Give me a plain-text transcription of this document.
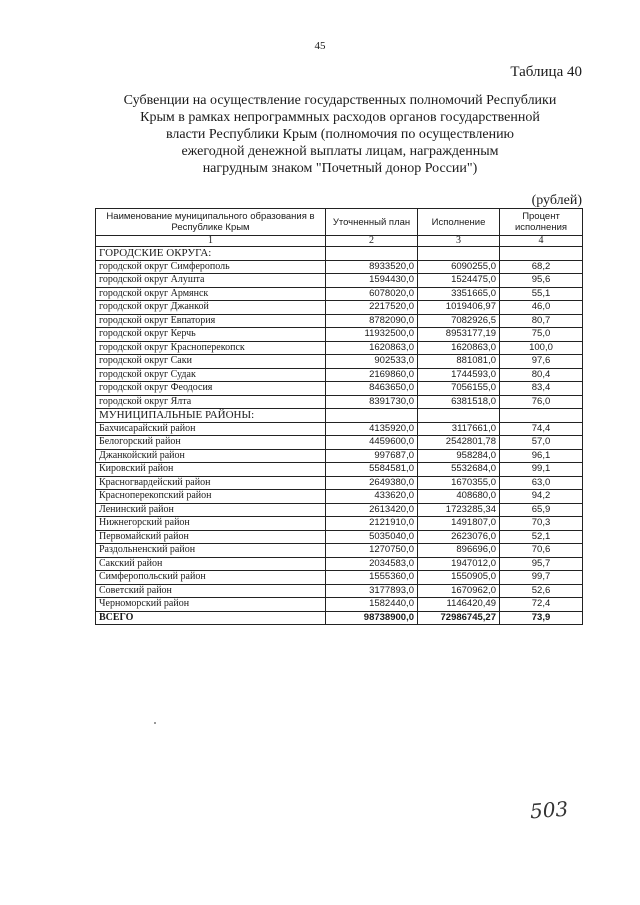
45
Таблица 40
Субвенции на осуществление государственных полномочий Республики
Крым в рамках непрограммных расходов органов государственной
власти Республики Крым (полномочия по осуществлению
ежегодной денежной выплаты лицам, награжденным
нагрудным знаком "Почетный донор России")
(рублей)
Наименование муниципального образования в Республике Крым	Уточненный план	Исполнение	Процент исполнения
1	2	3	4
ГОРОДСКИЕ ОКРУГА:			
городской округ Симферополь	8933520,0	6090255,0	68,2
городской округ Алушта	1594430,0	1524475,0	95,6
городской округ Армянск	6078020,0	3351665,0	55,1
городской округ Джанкой	2217520,0	1019406,97	46,0
городской округ Евпатория	8782090,0	7082926,5	80,7
городской округ Керчь	11932500,0	8953177,19	75,0
городской округ Красноперекопск	1620863,0	1620863,0	100,0
городской округ Саки	902533,0	881081,0	97,6
городской округ Судак	2169860,0	1744593,0	80,4
городской округ Феодосия	8463650,0	7056155,0	83,4
городской округ Ялта	8391730,0	6381518,0	76,0
МУНИЦИПАЛЬНЫЕ РАЙОНЫ:			
Бахчисарайский район	4135920,0	3117661,0	74,4
Белогорский район	4459600,0	2542801,78	57,0
Джанкойский район	997687,0	958284,0	96,1
Кировский район	5584581,0	5532684,0	99,1
Красногвардейский район	2649380,0	1670355,0	63,0
Красноперекопский район	433620,0	408680,0	94,2
Ленинский район	2613420,0	1723285,34	65,9
Нижнегорский район	2121910,0	1491807,0	70,3
Первомайский район	5035040,0	2623076,0	52,1
Раздольненский район	1270750,0	896696,0	70,6
Сакский район	2034583,0	1947012,0	95,7
Симферопольский район	1555360,0	1550905,0	99,7
Советский район	3177893,0	1670962,0	52,6
Черноморский район	1582440,0	1146420,49	72,4
ВСЕГО	98738900,0	72986745,27	73,9
503
